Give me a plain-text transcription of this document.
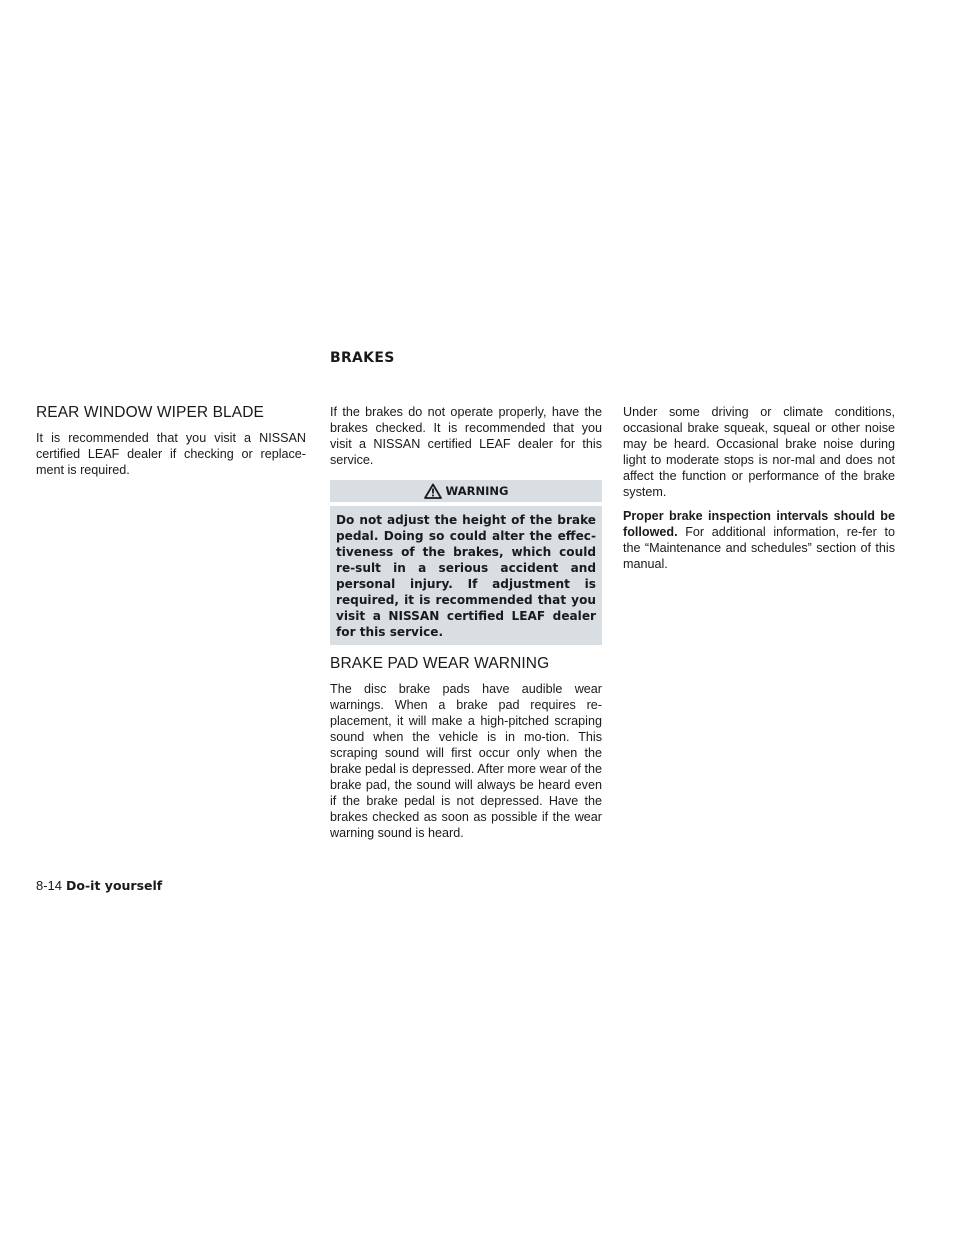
BRAKES
REAR WINDOW WIPER BLADE

It is recommended that you visit a NISSAN certified LEAF dealer if checking or replace-ment is required.

If the brakes do not operate properly, have the brakes checked. It is recommended that you visit a NISSAN certified LEAF dealer for this service.

WARNING

Do not adjust the height of the brake pedal. Doing so could alter the effec-tiveness of the brakes, which could re-sult in a serious accident and personal injury. If adjustment is required, it is recommended that you visit a NISSAN certified LEAF dealer for this service.

BRAKE PAD WEAR WARNING

The disc brake pads have audible wear warnings. When a brake pad requires re-placement, it will make a high-pitched scraping sound when the vehicle is in mo-tion. This scraping sound will first occur only when the brake pedal is depressed. After more wear of the brake pad, the sound will always be heard even if the brake pedal is not depressed. Have the brakes checked as soon as possible if the wear warning sound is heard.

Under some driving or climate conditions, occasional brake squeak, squeal or other noise may be heard. Occasional brake noise during light to moderate stops is nor-mal and does not affect the function or performance of the brake system.

Proper brake inspection intervals should be followed. For additional information, re-fer to the “Maintenance and schedules” section of this manual.

8-14 Do-it yourself
